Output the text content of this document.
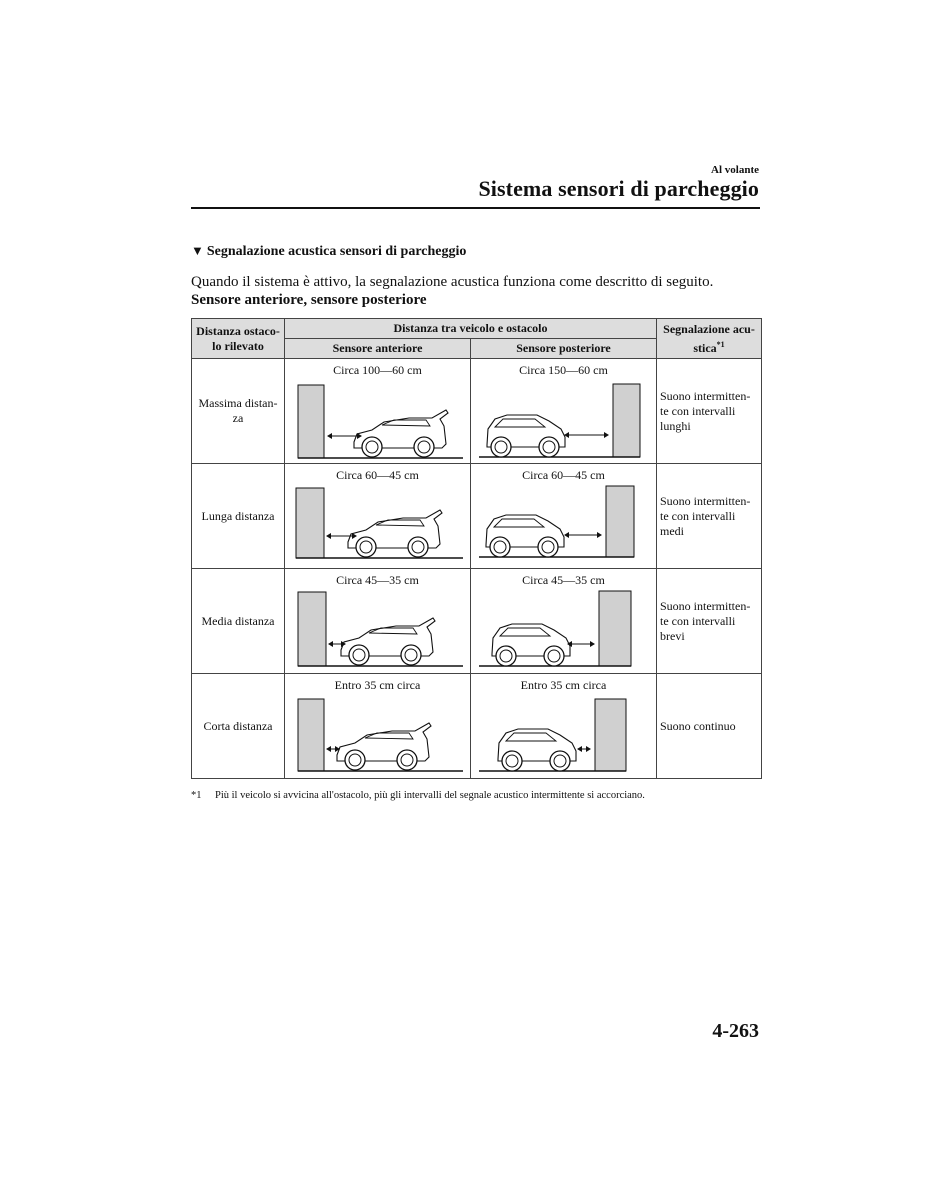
Al volante
Sistema sensori di parcheggio
▼ Segnalazione acustica sensori di parcheggio
Quando il sistema è attivo, la segnalazione acustica funziona come descritto di seguito.
Sensore anteriore, sensore posteriore
Distanza ostaco-lo rilevato	Distanza tra veicolo e ostacolo		Segnalazione acu-stica$^{*1}$
	Sensore anteriore	Sensore posteriore	
Massima distan-za	Circa 100—60 cm	Circa 150—60 cm	Suono intermitten-te con intervalli lunghi
Lunga distanza	Circa 60—45 cm	Circa 60—45 cm	Suono intermitten-te con intervalli medi
Media distanza	Circa 45—35 cm	Circa 45—35 cm	Suono intermitten-te con intervalli brevi
Corta distanza	Entro 35 cm circa	Entro 35 cm circa	Suono continuo
*1 Più il veicolo si avvicina all'ostacolo, più gli intervalli del segnale acustico intermittente si accorciano.
4-263
